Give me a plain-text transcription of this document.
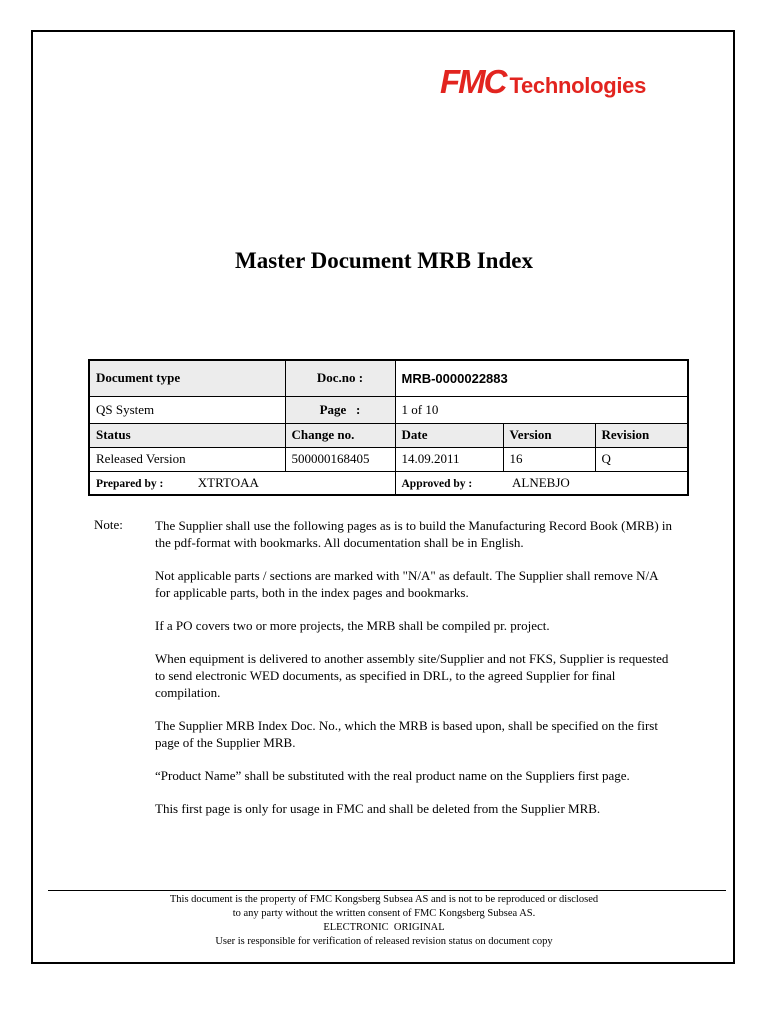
FMC Technologies
Master Document MRB Index
Document type	Doc.no :	MRB-0000022883		
QS System	Page   :	1 of 10		
Status	Change no.	Date	Version	Revision
Released Version	500000168405	14.09.2011	16	Q
Prepared by : XTRTOAA		Approved by : ALNEBJO		
Note: The Supplier shall use the following pages as is to build the Manufacturing Record Book (MRB) in the pdf-format with bookmarks. All documentation shall be in English.

Not applicable parts / sections are marked with "N/A" as default. The Supplier shall remove N/A for applicable parts, both in the index pages and bookmarks.

If a PO covers two or more projects, the MRB shall be compiled pr. project.

When equipment is delivered to another assembly site/Supplier and not FKS, Supplier is requested to send electronic WED documents, as specified in DRL, to the agreed Supplier for final compilation.

The Supplier MRB Index Doc. No., which the MRB is based upon, shall be specified on the first page of the Supplier MRB.

“Product Name” shall be substituted with the real product name on the Suppliers first page.

This first page is only for usage in FMC and shall be deleted from the Supplier MRB.

This document is the property of FMC Kongsberg Subsea AS and is not to be reproduced or disclosed
to any party without the written consent of FMC Kongsberg Subsea AS.
ELECTRONIC  ORIGINAL
User is responsible for verification of released revision status on document copy
